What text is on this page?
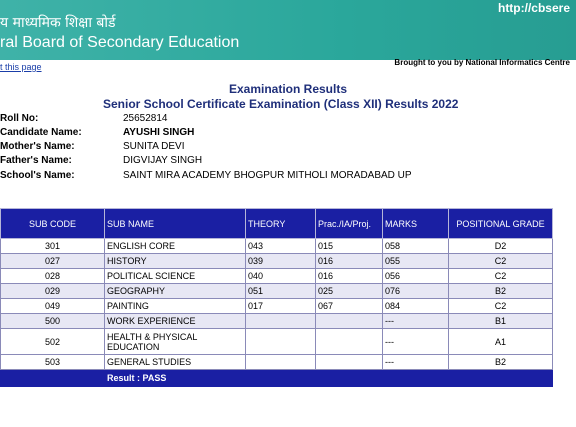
य माध्यमिक शिक्षा बोर्ड
ral Board of Secondary Education
http://cbsere
t this page	Brought to you by National Informatics Centre
Examination Results
Senior School Certificate Examination (Class XII) Results 2022
Roll No:	25652814
Candidate Name:	AYUSHI SINGH
Mother's Name:	SUNITA DEVI
Father's Name:	DIGVIJAY SINGH
School's Name:	SAINT MIRA ACADEMY BHOGPUR MITHOLI MORADABAD UP
SUB CODE	SUB NAME	THEORY	Prac./IA/Proj.	MARKS	POSITIONAL GRADE
301	ENGLISH CORE	043	015	058	D2
027	HISTORY	039	016	055	C2
028	POLITICAL SCIENCE	040	016	056	C2
029	GEOGRAPHY	051	025	076	B2
049	PAINTING	017	067	084	C2
500	WORK EXPERIENCE			---	B1
502	HEALTH & PHYSICAL EDUCATION			---	A1
503	GENERAL STUDIES			---	B2
	Result : PASS				
